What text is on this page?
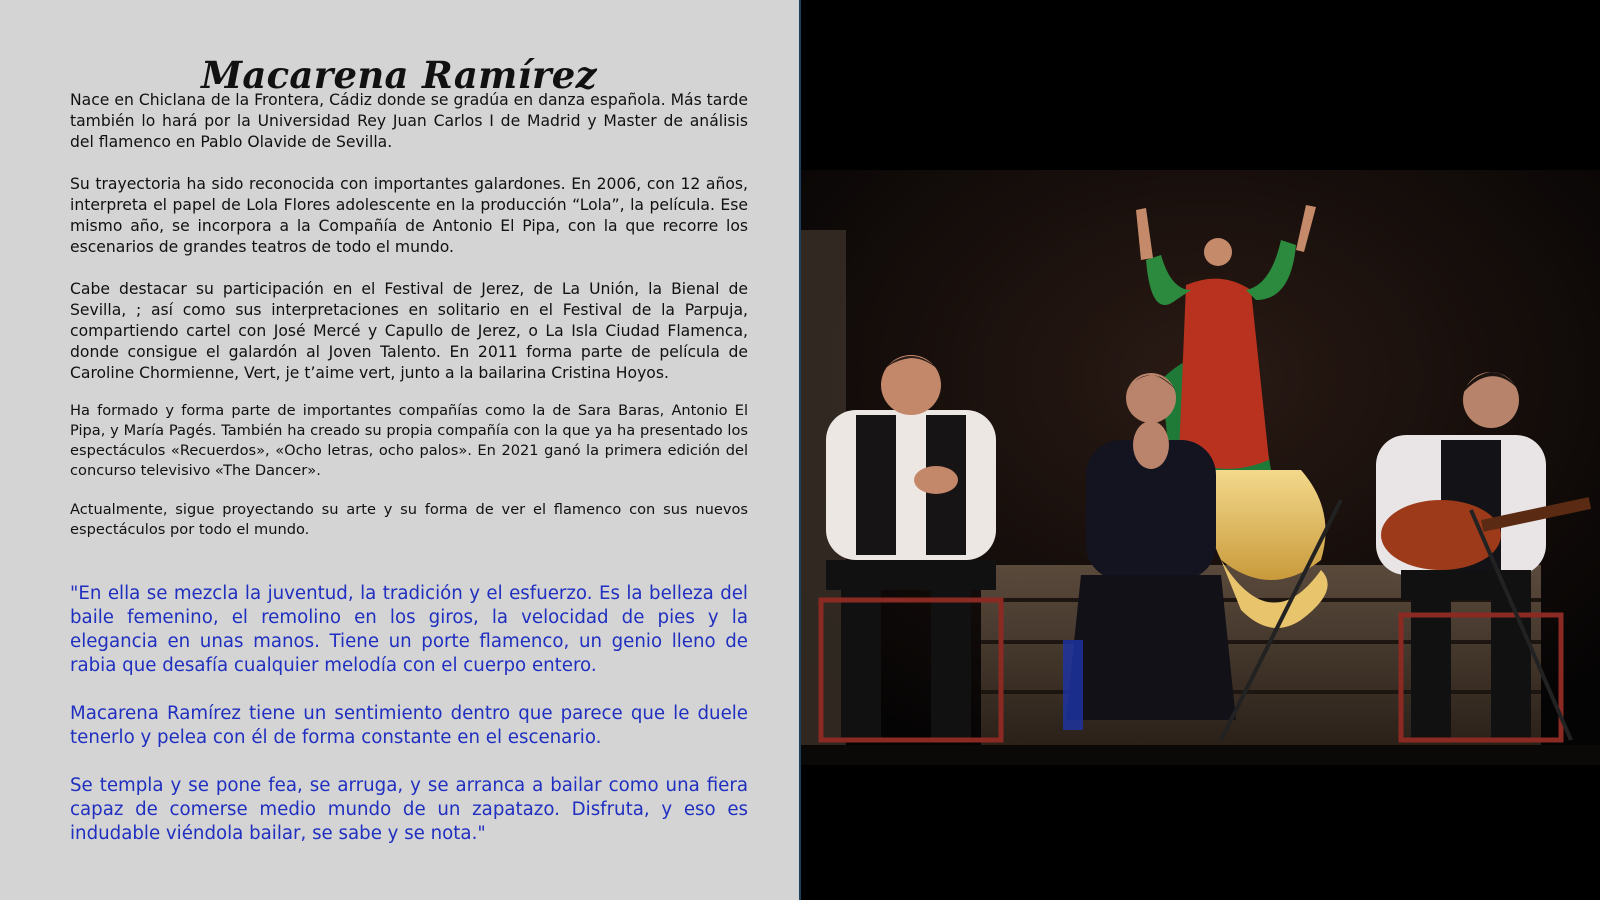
Macarena Ramírez

Nace en Chiclana de la Frontera, Cádiz donde se gradúa en danza española. Más tarde también lo hará por la Universidad Rey Juan Carlos I de Madrid y Master de análisis del flamenco en Pablo Olavide de Sevilla.

Su trayectoria ha sido reconocida con importantes galardones. En 2006, con 12 años, interpreta el papel de Lola Flores adolescente en la producción “Lola”, la película. Ese mismo año, se incorpora a la Compañía de Antonio El Pipa, con la que recorre los escenarios de grandes teatros de todo el mundo.

Cabe destacar su participación en el Festival de Jerez, de La Unión, la Bienal de Sevilla, ; así como sus interpretaciones en solitario en el Festival de la Parpuja, compartiendo cartel con José Mercé y Capullo de Jerez, o La Isla Ciudad Flamenca, donde consigue el galardón al Joven Talento. En 2011 forma parte de película de Caroline Chormienne, Vert, je t’aime vert, junto a la bailarina Cristina Hoyos.

Ha formado y forma parte de importantes compañías como la de Sara Baras, Antonio El Pipa, y María Pagés. También ha creado su propia compañía con la que ya ha presentado los espectáculos «Recuerdos», «Ocho letras, ocho palos». En 2021 ganó la primera edición del concurso televisivo «The Dancer».

Actualmente, sigue proyectando su arte y su forma de ver el flamenco con sus nuevos espectáculos por todo el mundo.

"En ella se mezcla la juventud, la tradición y el esfuerzo. Es la belleza del baile femenino, el remolino en los giros, la velocidad de pies y la elegancia en unas manos. Tiene un porte flamenco, un genio lleno de rabia que desafía cualquier melodía con el cuerpo entero.

Macarena Ramírez tiene un sentimiento dentro que parece que le duele tenerlo y pelea con él de forma constante en el escenario.

Se templa y se pone fea, se arruga, y se arranca a bailar como una fiera capaz de comerse medio mundo de un zapatazo. Disfruta, y eso es indudable viéndola bailar, se sabe y se nota."
